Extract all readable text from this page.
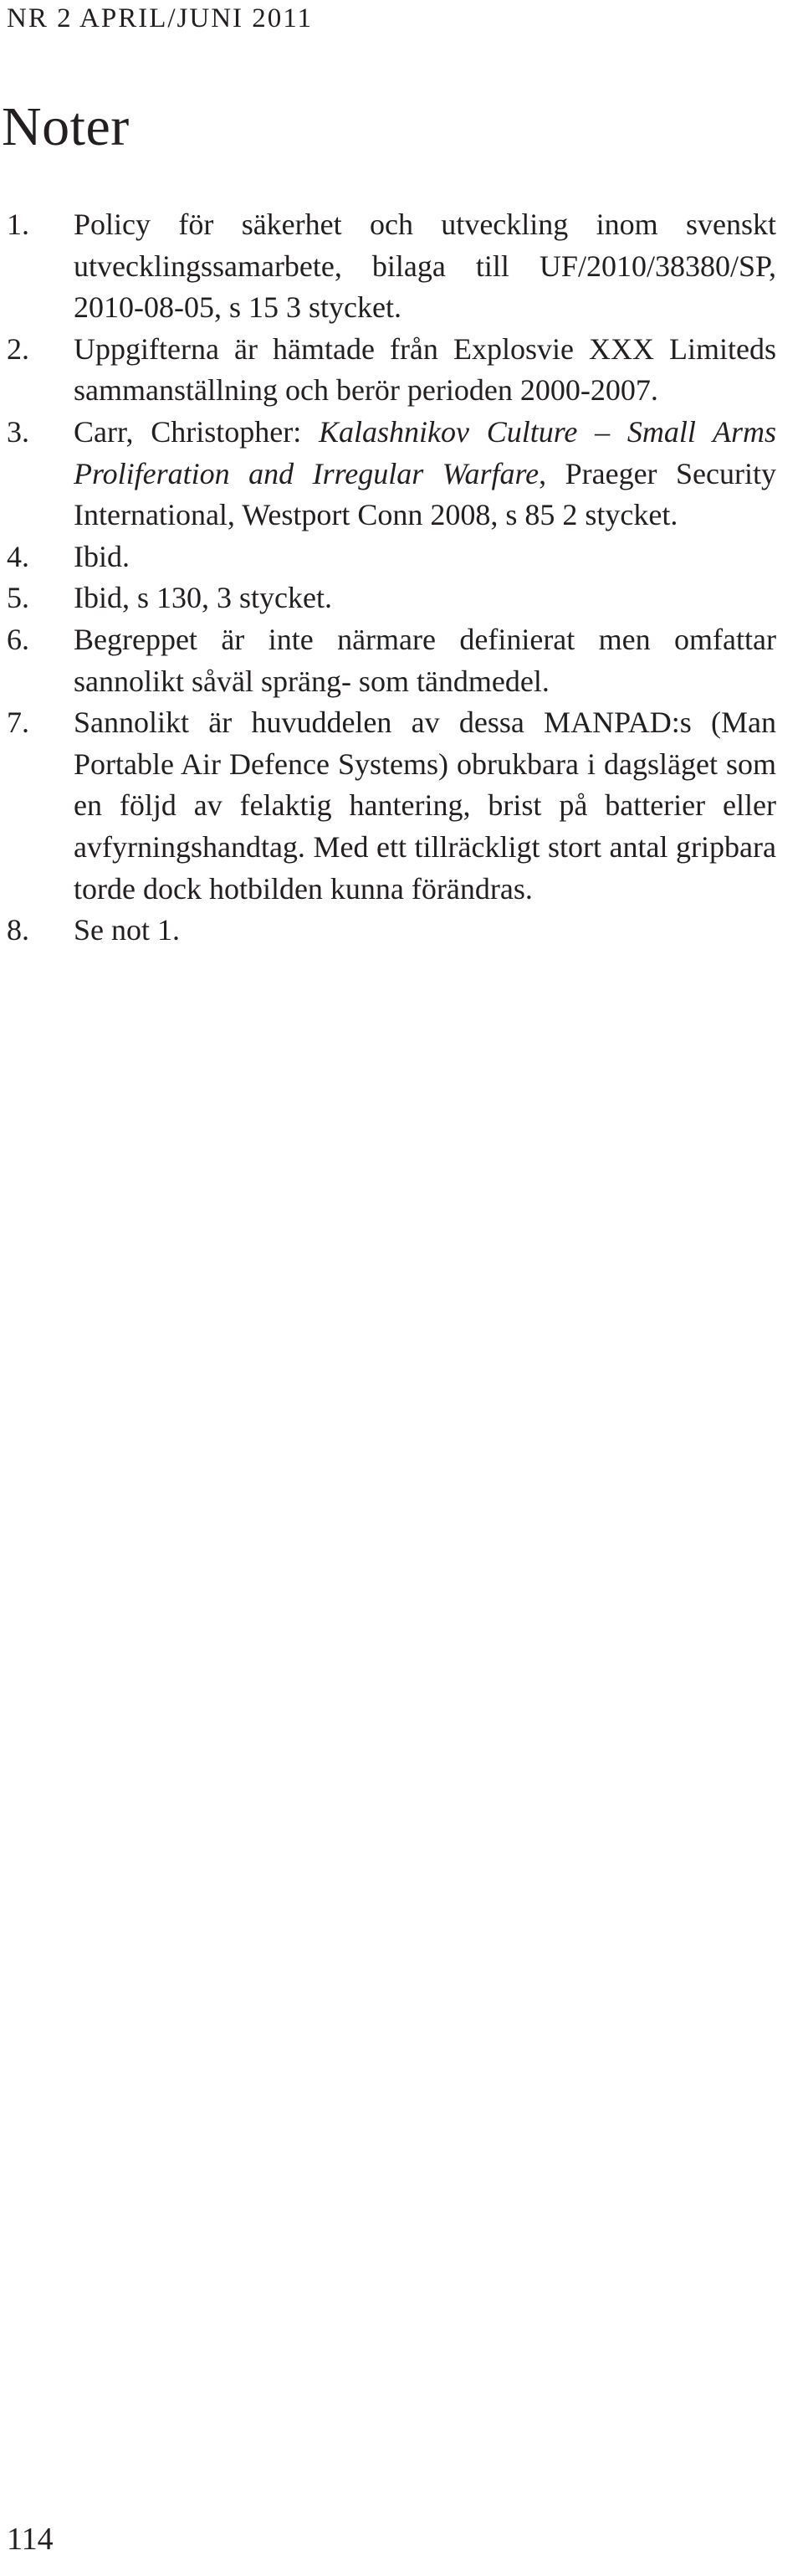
NR 2 APRIL/JUNI 2011
Noter
1.	Policy för säkerhet och utveckling inom svenskt utvecklingssamarbete, bilaga till UF/2010/38380/SP, 2010-08-05, s 15 3 stycket.
2.	Uppgifterna är hämtade från Explosvie XXX Limiteds sammanställning och berör perioden 2000-2007.
3.	Carr, Christopher: Kalashnikov Culture – Small Arms Proliferation and Irregular Warfare, Praeger Security International, Westport Conn 2008, s 85 2 stycket.
4.	Ibid.
5.	Ibid, s 130, 3 stycket.
6.	Begreppet är inte närmare definierat men omfattar sannolikt såväl spräng- som tändmedel.
7.	Sannolikt är huvuddelen av dessa MANPAD:s (Man Portable Air Defence Systems) obrukbara i dagsläget som en följd av felaktig hantering, brist på batterier eller avfyrningshandtag. Med ett tillräckligt stort antal gripbara torde dock hotbilden kunna förändras.
8.	Se not 1.
114
